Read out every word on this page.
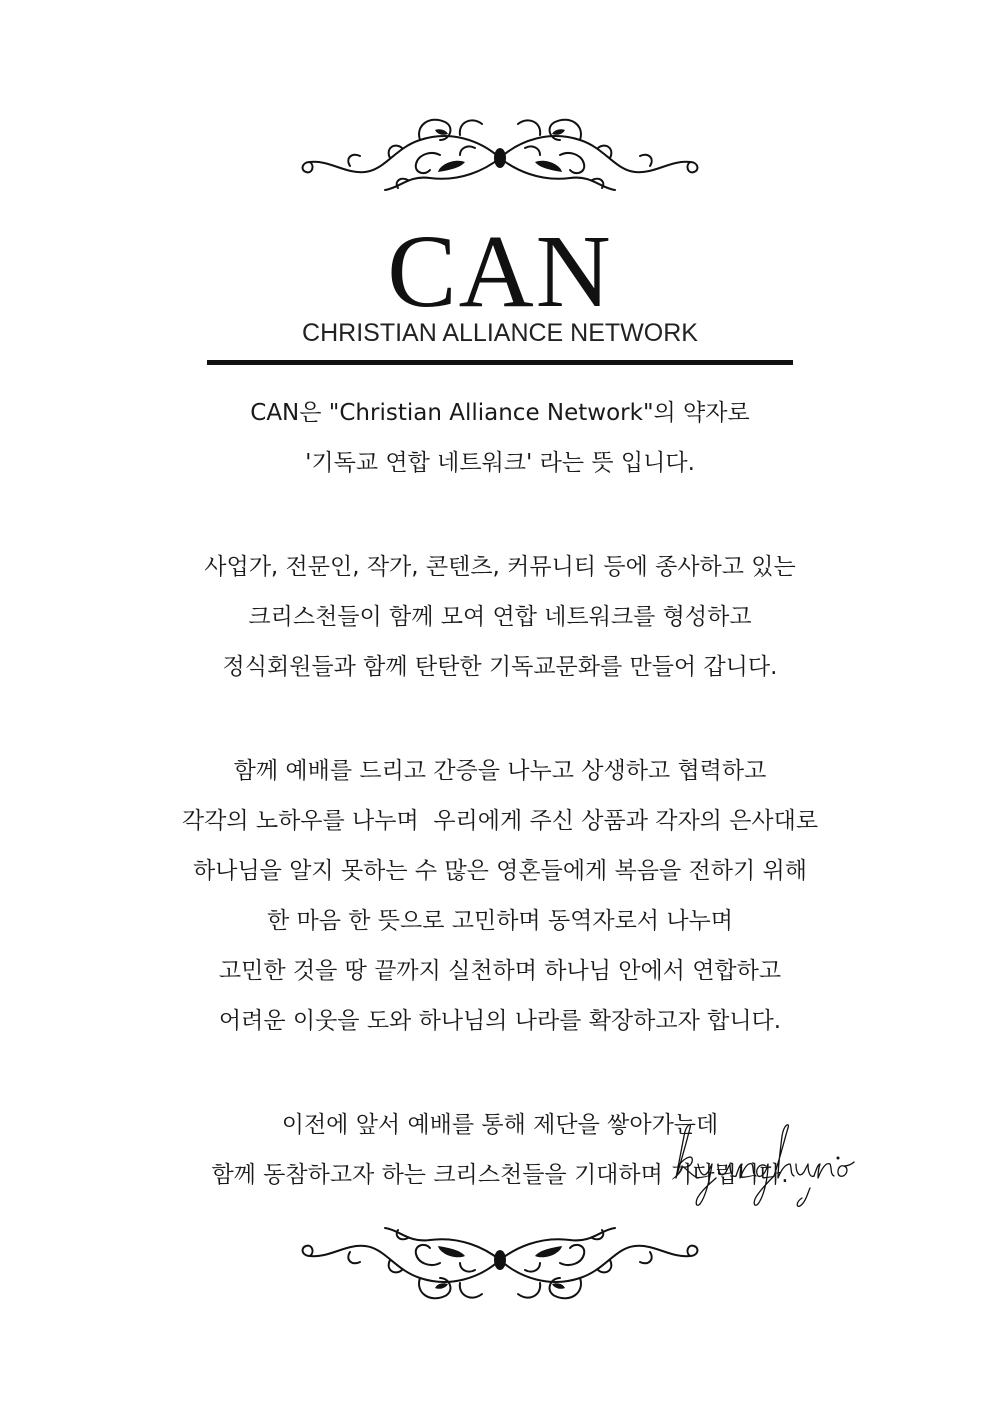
CAN
CHRISTIAN ALLIANCE NETWORK
CAN은 "Christian Alliance Network"의 약자로
'기독교 연합 네트워크' 라는 뜻 입니다.
사업가, 전문인, 작가, 콘텐츠, 커뮤니티 등에 종사하고 있는
크리스천들이 함께 모여 연합 네트워크를 형성하고
정식회원들과 함께 탄탄한 기독교문화를 만들어 갑니다.
함께 예배를 드리고 간증을 나누고 상생하고 협력하고
각각의 노하우를 나누며  우리에게 주신 상품과 각자의 은사대로
하나님을 알지 못하는 수 많은 영혼들에게 복음을 전하기 위해
한 마음 한 뜻으로 고민하며 동역자로서 나누며
고민한 것을 땅 끝까지 실천하며 하나님 안에서 연합하고
어려운 이웃을 도와 하나님의 나라를 확장하고자 합니다.
이전에 앞서 예배를 통해 제단을 쌓아가는데
함께 동참하고자 하는 크리스천들을 기대하며 기다립니다.
